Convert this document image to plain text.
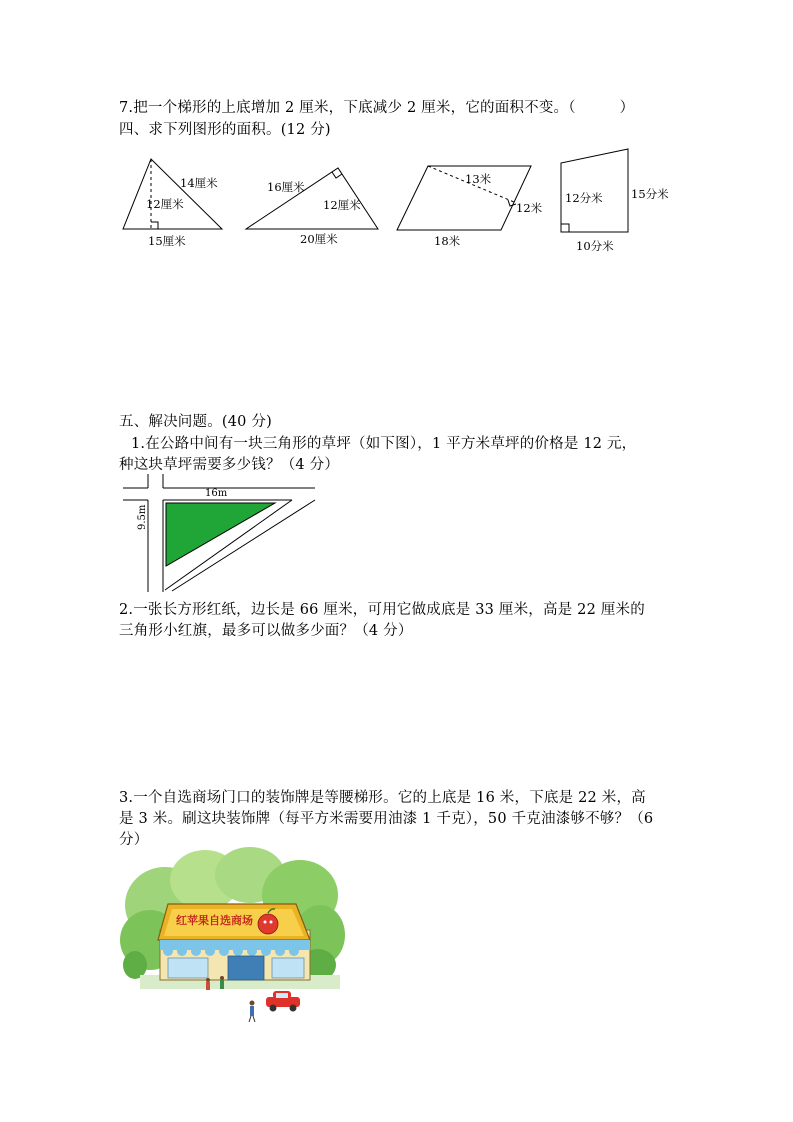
7.把一个梯形的上底增加 2 厘米，下底减少 2 厘米，它的面积不变。（	）
四、求下列图形的面积。(12 分)
14厘米
12厘米
15厘米
16厘米
12厘米
20厘米
13米
12米
18米
12分米 15分米
10分米
五、解决问题。(40 分)
1.在公路中间有一块三角形的草坪（如下图），1 平方米草坪的价格是 12 元，
种这块草坪需要多少钱？（4 分）
16m
9.5m
2.一张长方形红纸，边长是 66 厘米，可用它做成底是 33 厘米，高是 22 厘米的
三角形小红旗，最多可以做多少面？（4 分）
3.一个自选商场门口的装饰牌是等腰梯形。它的上底是 16 米，下底是 22 米，高
是 3 米。刷这块装饰牌（每平方米需要用油漆 1 千克），50 千克油漆够不够？（6
分）
红苹果自选商场
